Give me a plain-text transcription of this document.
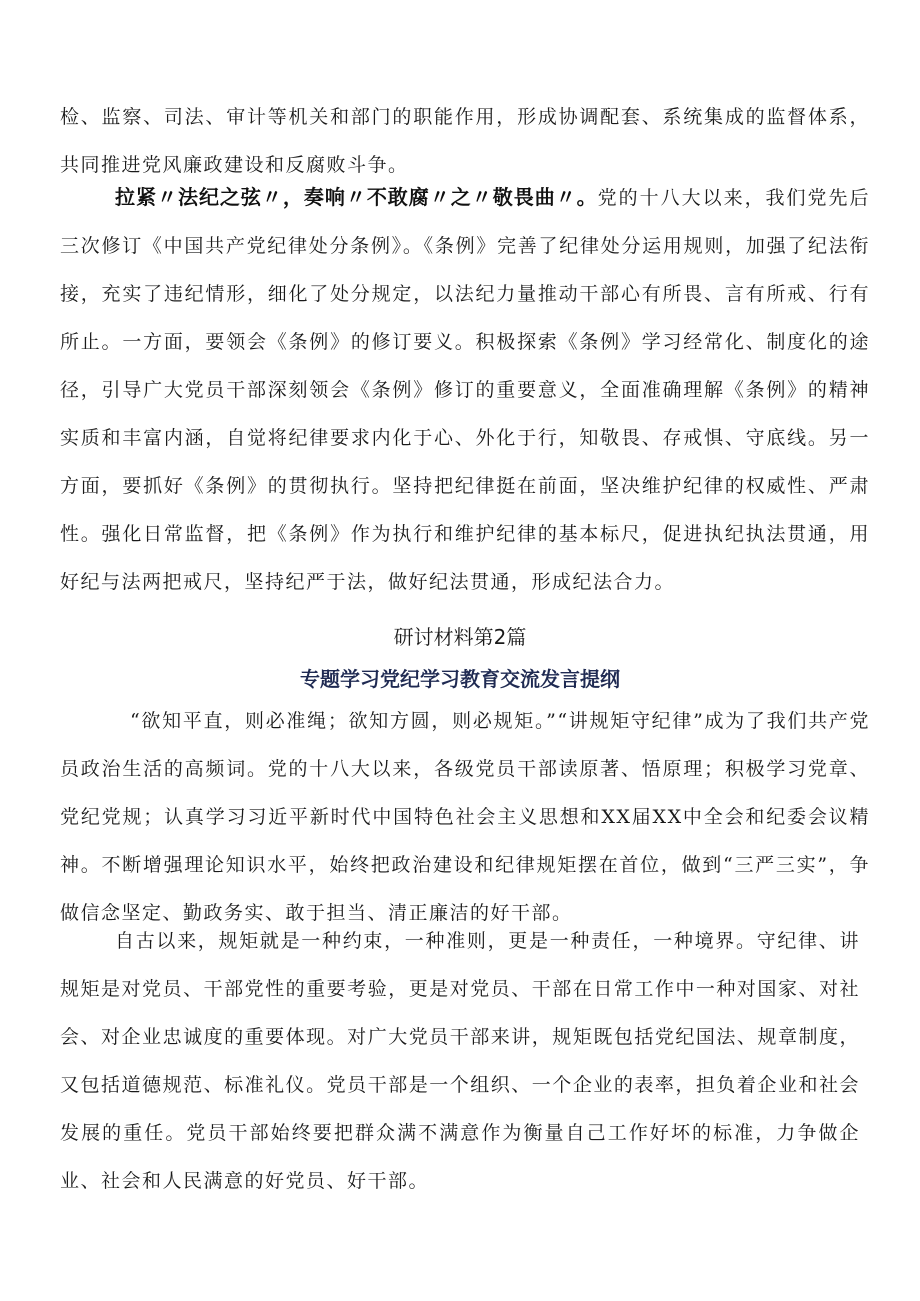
检、监察、司法、审计等机关和部门的职能作用，形成协调配套、系统集成的监督体系，共同推进党风廉政建设和反腐败斗争。

拉紧〃法纪之弦〃，奏响〃不敢腐〃之〃敬畏曲〃。党的十八大以来，我们党先后三次修订《中国共产党纪律处分条例》。《条例》完善了纪律处分运用规则，加强了纪法衔接，充实了违纪情形，细化了处分规定，以法纪力量推动干部心有所畏、言有所戒、行有所止。一方面，要领会《条例》的修订要义。积极探索《条例》学习经常化、制度化的途径，引导广大党员干部深刻领会《条例》修订的重要意义，全面准确理解《条例》的精神实质和丰富内涵，自觉将纪律要求内化于心、外化于行，知敬畏、存戒惧、守底线。另一方面，要抓好《条例》的贯彻执行。坚持把纪律挺在前面，坚决维护纪律的权威性、严肃性。强化日常监督，把《条例》作为执行和维护纪律的基本标尺，促进执纪执法贯通，用好纪与法两把戒尺，坚持纪严于法，做好纪法贯通，形成纪法合力。

研讨材料第2篇
专题学习党纪学习教育交流发言提纲

“欲知平直，则必准绳；欲知方圆，则必规矩。”“讲规矩守纪律”成为了我们共产党员政治生活的高频词。党的十八大以来，各级党员干部读原著、悟原理；积极学习党章、党纪党规；认真学习习近平新时代中国特色社会主义思想和XX届XX中全会和纪委会议精神。不断增强理论知识水平，始终把政治建设和纪律规矩摆在首位，做到“三严三实”，争做信念坚定、勤政务实、敢于担当、清正廉洁的好干部。

自古以来，规矩就是一种约束，一种准则，更是一种责任，一种境界。守纪律、讲规矩是对党员、干部党性的重要考验，更是对党员、干部在日常工作中一种对国家、对社会、对企业忠诚度的重要体现。对广大党员干部来讲，规矩既包括党纪国法、规章制度，又包括道德规范、标准礼仪。党员干部是一个组织、一个企业的表率，担负着企业和社会发展的重任。党员干部始终要把群众满不满意作为衡量自己工作好坏的标准，力争做企业、社会和人民满意的好党员、好干部。
